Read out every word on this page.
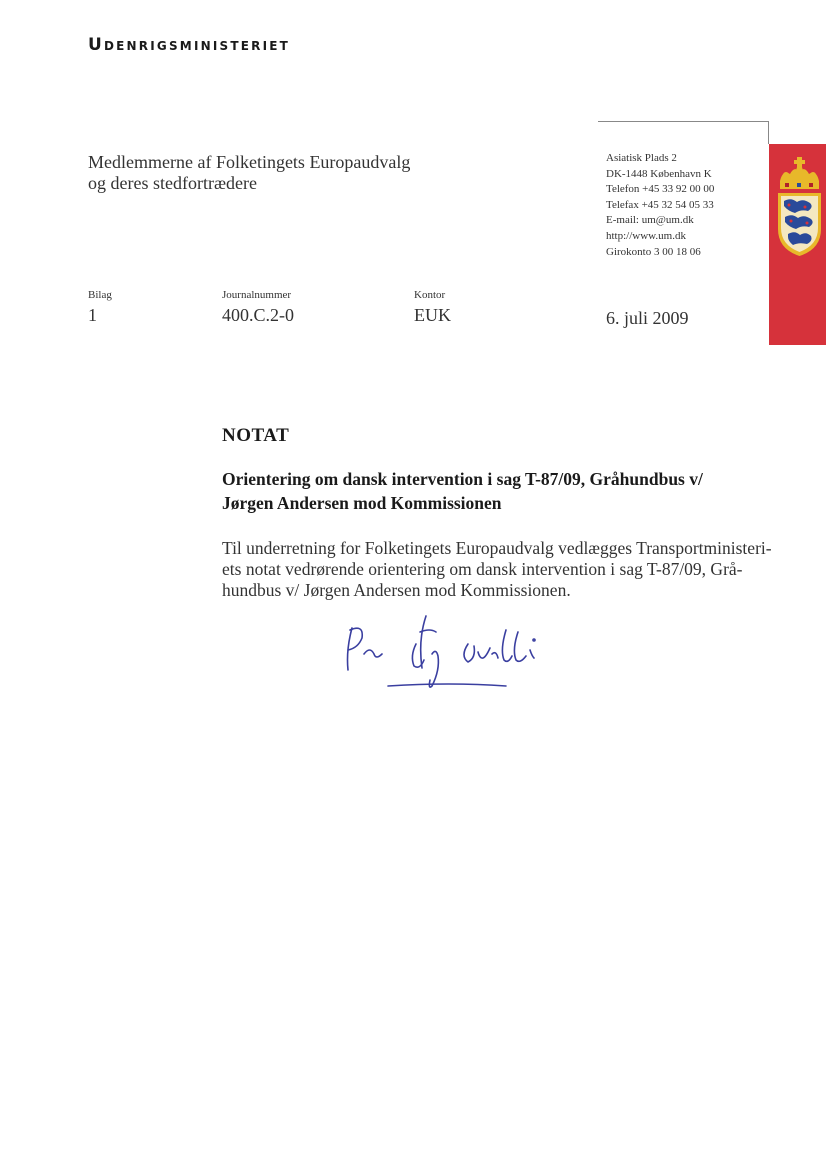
Udenrigsministeriet
Medlemmerne af Folketingets Europaudvalg
og deres stedfortrædere
Asiatisk Plads 2
DK-1448 København K
Telefon +45 33 92 00 00
Telefax +45 32 54 05 33
E-mail: um@um.dk
http://www.um.dk
Girokonto 3 00 18 06
Bilag
1
Journalnummer
400.C.2-0
Kontor
EUK	6. juli 2009
NOTAT
Orientering om dansk intervention i sag T-87/09, Gråhundbus v/
Jørgen Andersen mod Kommissionen
Til underretning for Folketingets Europaudvalg vedlægges Transportministeri-
ets notat vedrørende orientering om dansk intervention i sag T-87/09, Grå-
hundbus v/ Jørgen Andersen mod Kommissionen.
